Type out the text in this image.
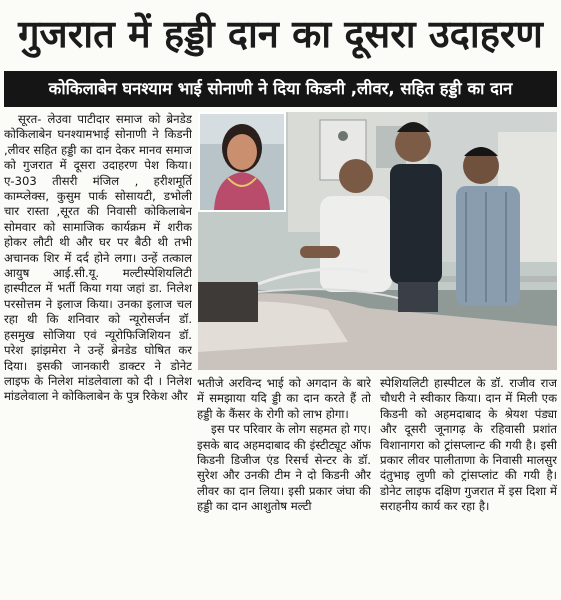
गुजरात में हड्डी दान का दूसरा उदाहरण
कोकिलाबेन घनश्याम भाई सोनाणी ने दिया किडनी ,लीवर, सहित हड्डी का दान

सूरत- लेउवा पाटीदार समाज को ब्रेनडेड कोकिलाबेन घनश्यामभाई सोनाणी ने किडनी ,लीवर सहित हड्डी का दान देकर मानव समाज को गुजरात में दूसरा उदाहरण पेश किया। ए-303 तीसरी मंजिल , हरीशमूर्ति काम्प्लेक्स, कुसुम पार्क सोसायटी, डभोली चार रास्ता ,सूरत की निवासी कोकिलाबेन सोमवार को सामाजिक कार्यक्रम में शरीक होकर लौटी थी और घर पर बैठी थी तभी अचानक शिर में दर्द होने लगा। उन्हें तत्काल आयुष आई.सी.यू. मल्टीस्पेशियलिटी हास्पीटल में भर्ती किया गया जहां डा. निलेश परसोत्तम ने इलाज किया। उनका इलाज चल रहा थी कि शनिवार को न्यूरोसर्जन डॉ. हसमुख सोजिया एवं न्यूरोफिजिशियन डॉ. परेश झांझमेरा ने उन्हें ब्रेनडेड घोषित कर दिया। इसकी जानकारी डाक्टर ने डोनेट लाइफ के निलेश मांडलेवाला को दी । निलेश मांडलेवाला ने कोकिलाबेन के पुत्र रिकेश और

भतीजे अरविन्द भाई को अगदान के बारे में समझाया यदि ड्डी का दान करते हैं तो हड्डी के कैंसर के रोगी को लाभ होगा।

इस पर परिवार के लोग सहमत हो गए। इसके बाद अहमदाबाद की इंस्टीट्यूट ऑफ किडनी डिजीज एंड रिसर्च सेन्टर के डॉ. सुरेश और उनकी टीम ने दो किडनी और लीवर का दान लिया। इसी प्रकार जंघा की हड्डी का दान आशुतोष मल्टी

स्पेशियलिटी हास्पीटल के डॉ. राजीव राज चौधरी ने स्वीकार किया। दान में मिली एक किडनी को अहमदाबाद के श्रेयश पंड्या और दूसरी जूनागढ़ के रहिवासी प्रशांत विशानागरा को ट्रांसप्लान्ट की गयी है। इसी प्रकार लीवर पालीताणा के निवासी मालसुर दंतुभाइ लुणी को ट्रांसप्लांट की गयी है। डोनेट लाइफ दक्षिण गुजरात में इस दिशा में सराहनीय कार्य कर रहा है।
